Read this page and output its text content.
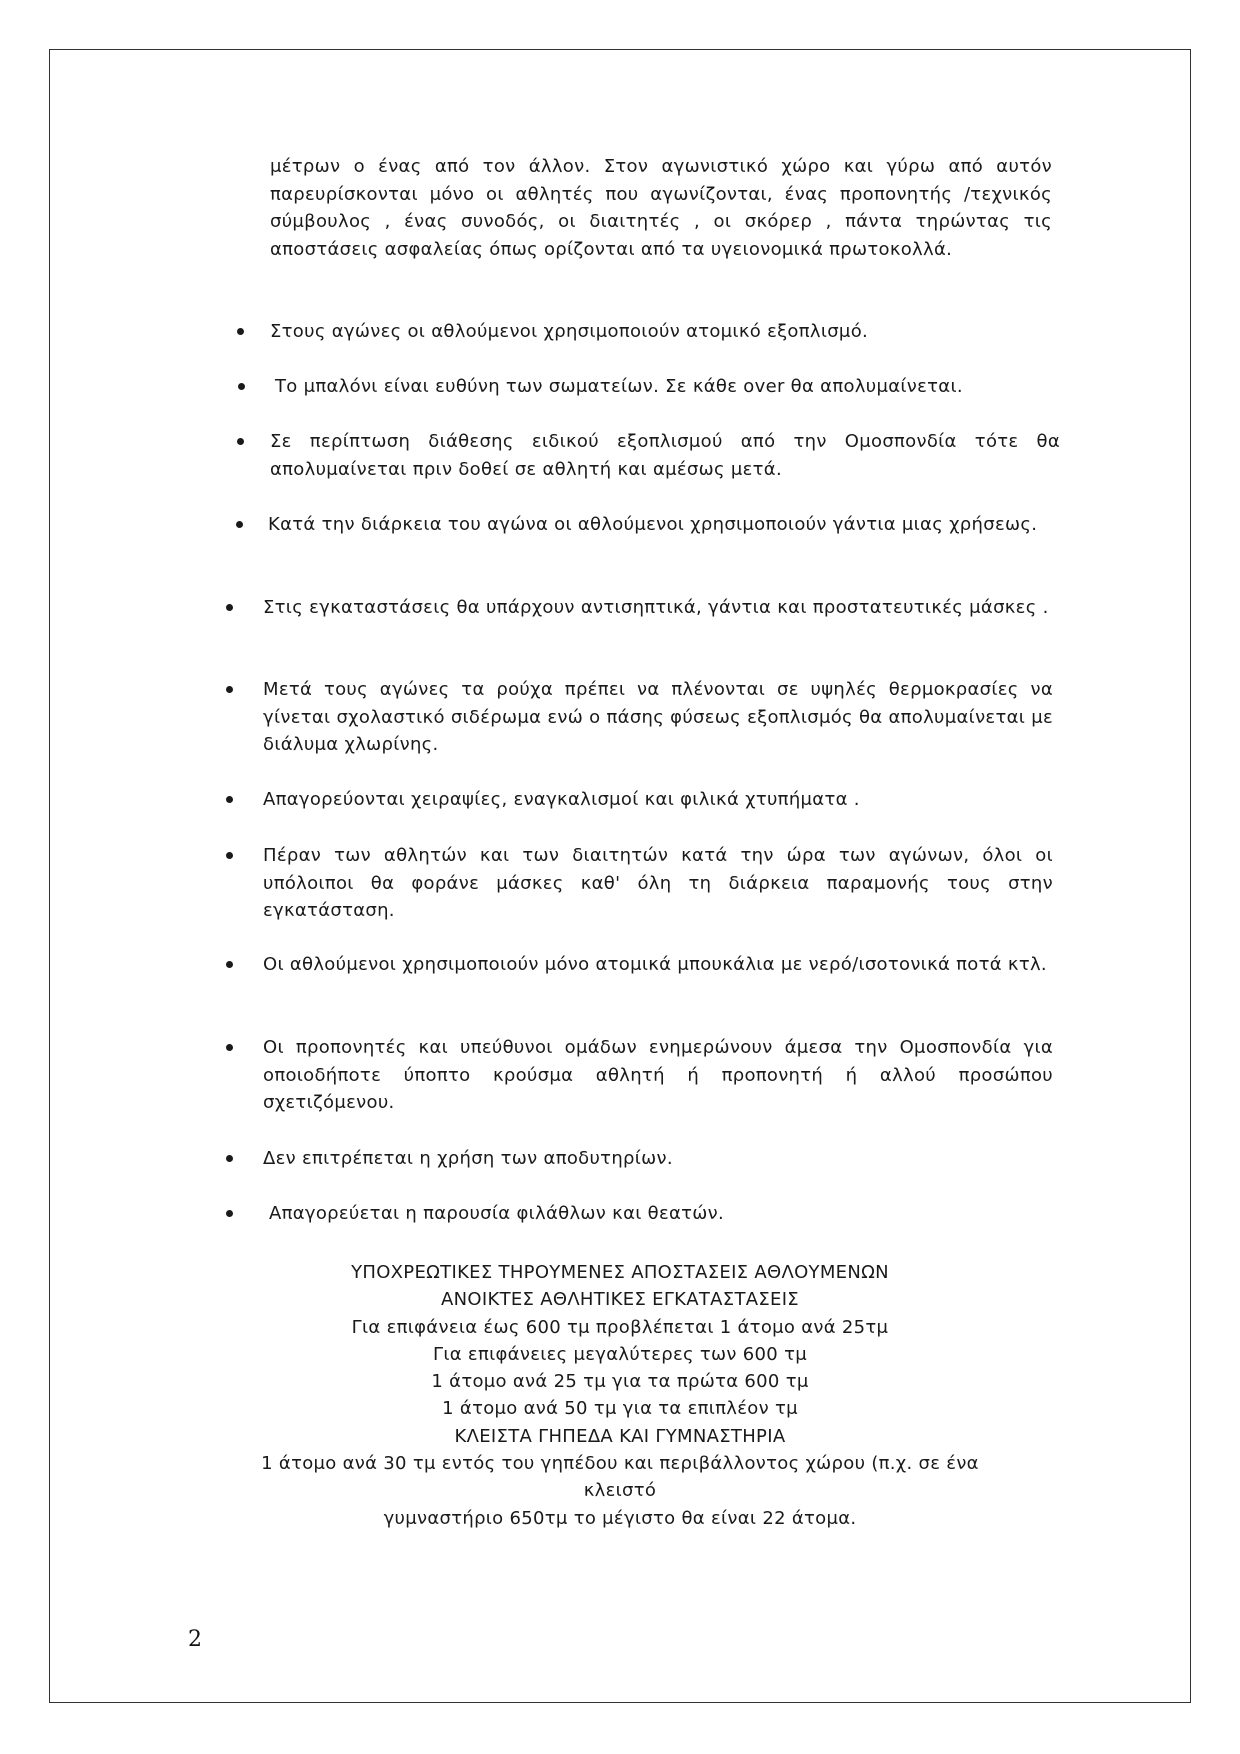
μέτρων ο ένας από τον άλλον. Στον αγωνιστικό χώρο και γύρω από αυτόν παρευρίσκονται μόνο οι αθλητές που αγωνίζονται, ένας προπονητής /τεχνικός σύμβουλος , ένας συνοδός, οι διαιτητές , οι σκόρερ , πάντα τηρώντας τις αποστάσεις ασφαλείας όπως ορίζονται από τα υγειονομικά πρωτοκολλά.

Στους αγώνες οι αθλούμενοι χρησιμοποιούν ατομικό εξοπλισμό.

Το μπαλόνι είναι ευθύνη των σωματείων. Σε κάθε over θα απολυμαίνεται.

Σε περίπτωση διάθεσης ειδικού εξοπλισμού από την Ομοσπονδία τότε θα απολυμαίνεται πριν δοθεί σε αθλητή και αμέσως μετά.

Κατά την διάρκεια του αγώνα οι αθλούμενοι χρησιμοποιούν γάντια μιας χρήσεως.

Στις εγκαταστάσεις θα υπάρχουν αντισηπτικά, γάντια και προστατευτικές μάσκες .

Μετά τους αγώνες τα ρούχα πρέπει να πλένονται σε υψηλές θερμοκρασίες να γίνεται σχολαστικό σιδέρωμα ενώ ο πάσης φύσεως εξοπλισμός θα απολυμαίνεται με διάλυμα χλωρίνης.

Απαγορεύονται χειραψίες, εναγκαλισμοί και φιλικά χτυπήματα .

Πέραν των αθλητών και των διαιτητών κατά την ώρα των αγώνων, όλοι οι υπόλοιποι θα φοράνε μάσκες καθ' όλη τη διάρκεια παραμονής τους στην εγκατάσταση.

Οι αθλούμενοι χρησιμοποιούν μόνο ατομικά μπουκάλια με νερό/ισοτονικά ποτά κτλ.

Οι προπονητές και υπεύθυνοι ομάδων ενημερώνουν άμεσα την Ομοσπονδία για οποιοδήποτε ύποπτο κρούσμα αθλητή ή προπονητή ή αλλού προσώπου σχετιζόμενου.

Δεν επιτρέπεται η χρήση των αποδυτηρίων.

Απαγορεύεται η παρουσία φιλάθλων και θεατών.

ΥΠΟΧΡΕΩΤΙΚΕΣ ΤΗΡΟΥΜΕΝΕΣ ΑΠΟΣΤΑΣΕΙΣ ΑΘΛΟΥΜΕΝΩΝ
ΑΝΟΙΚΤΕΣ ΑΘΛΗΤΙΚΕΣ ΕΓΚΑΤΑΣΤΑΣΕΙΣ
Για επιφάνεια έως 600 τμ προβλέπεται 1 άτομο ανά 25τμ
Για επιφάνειες μεγαλύτερες των 600 τμ
1 άτομο ανά 25 τμ για τα πρώτα 600 τμ
1 άτομο ανά 50 τμ για τα επιπλέον τμ
ΚΛΕΙΣΤΑ ΓΗΠΕΔΑ ΚΑΙ ΓΥΜΝΑΣΤΗΡΙΑ
1 άτομο ανά 30 τμ εντός του γηπέδου και περιβάλλοντος χώρου (π.χ. σε ένα
κλειστό
γυμναστήριο 650τμ το μέγιστο θα είναι 22 άτομα.
2
